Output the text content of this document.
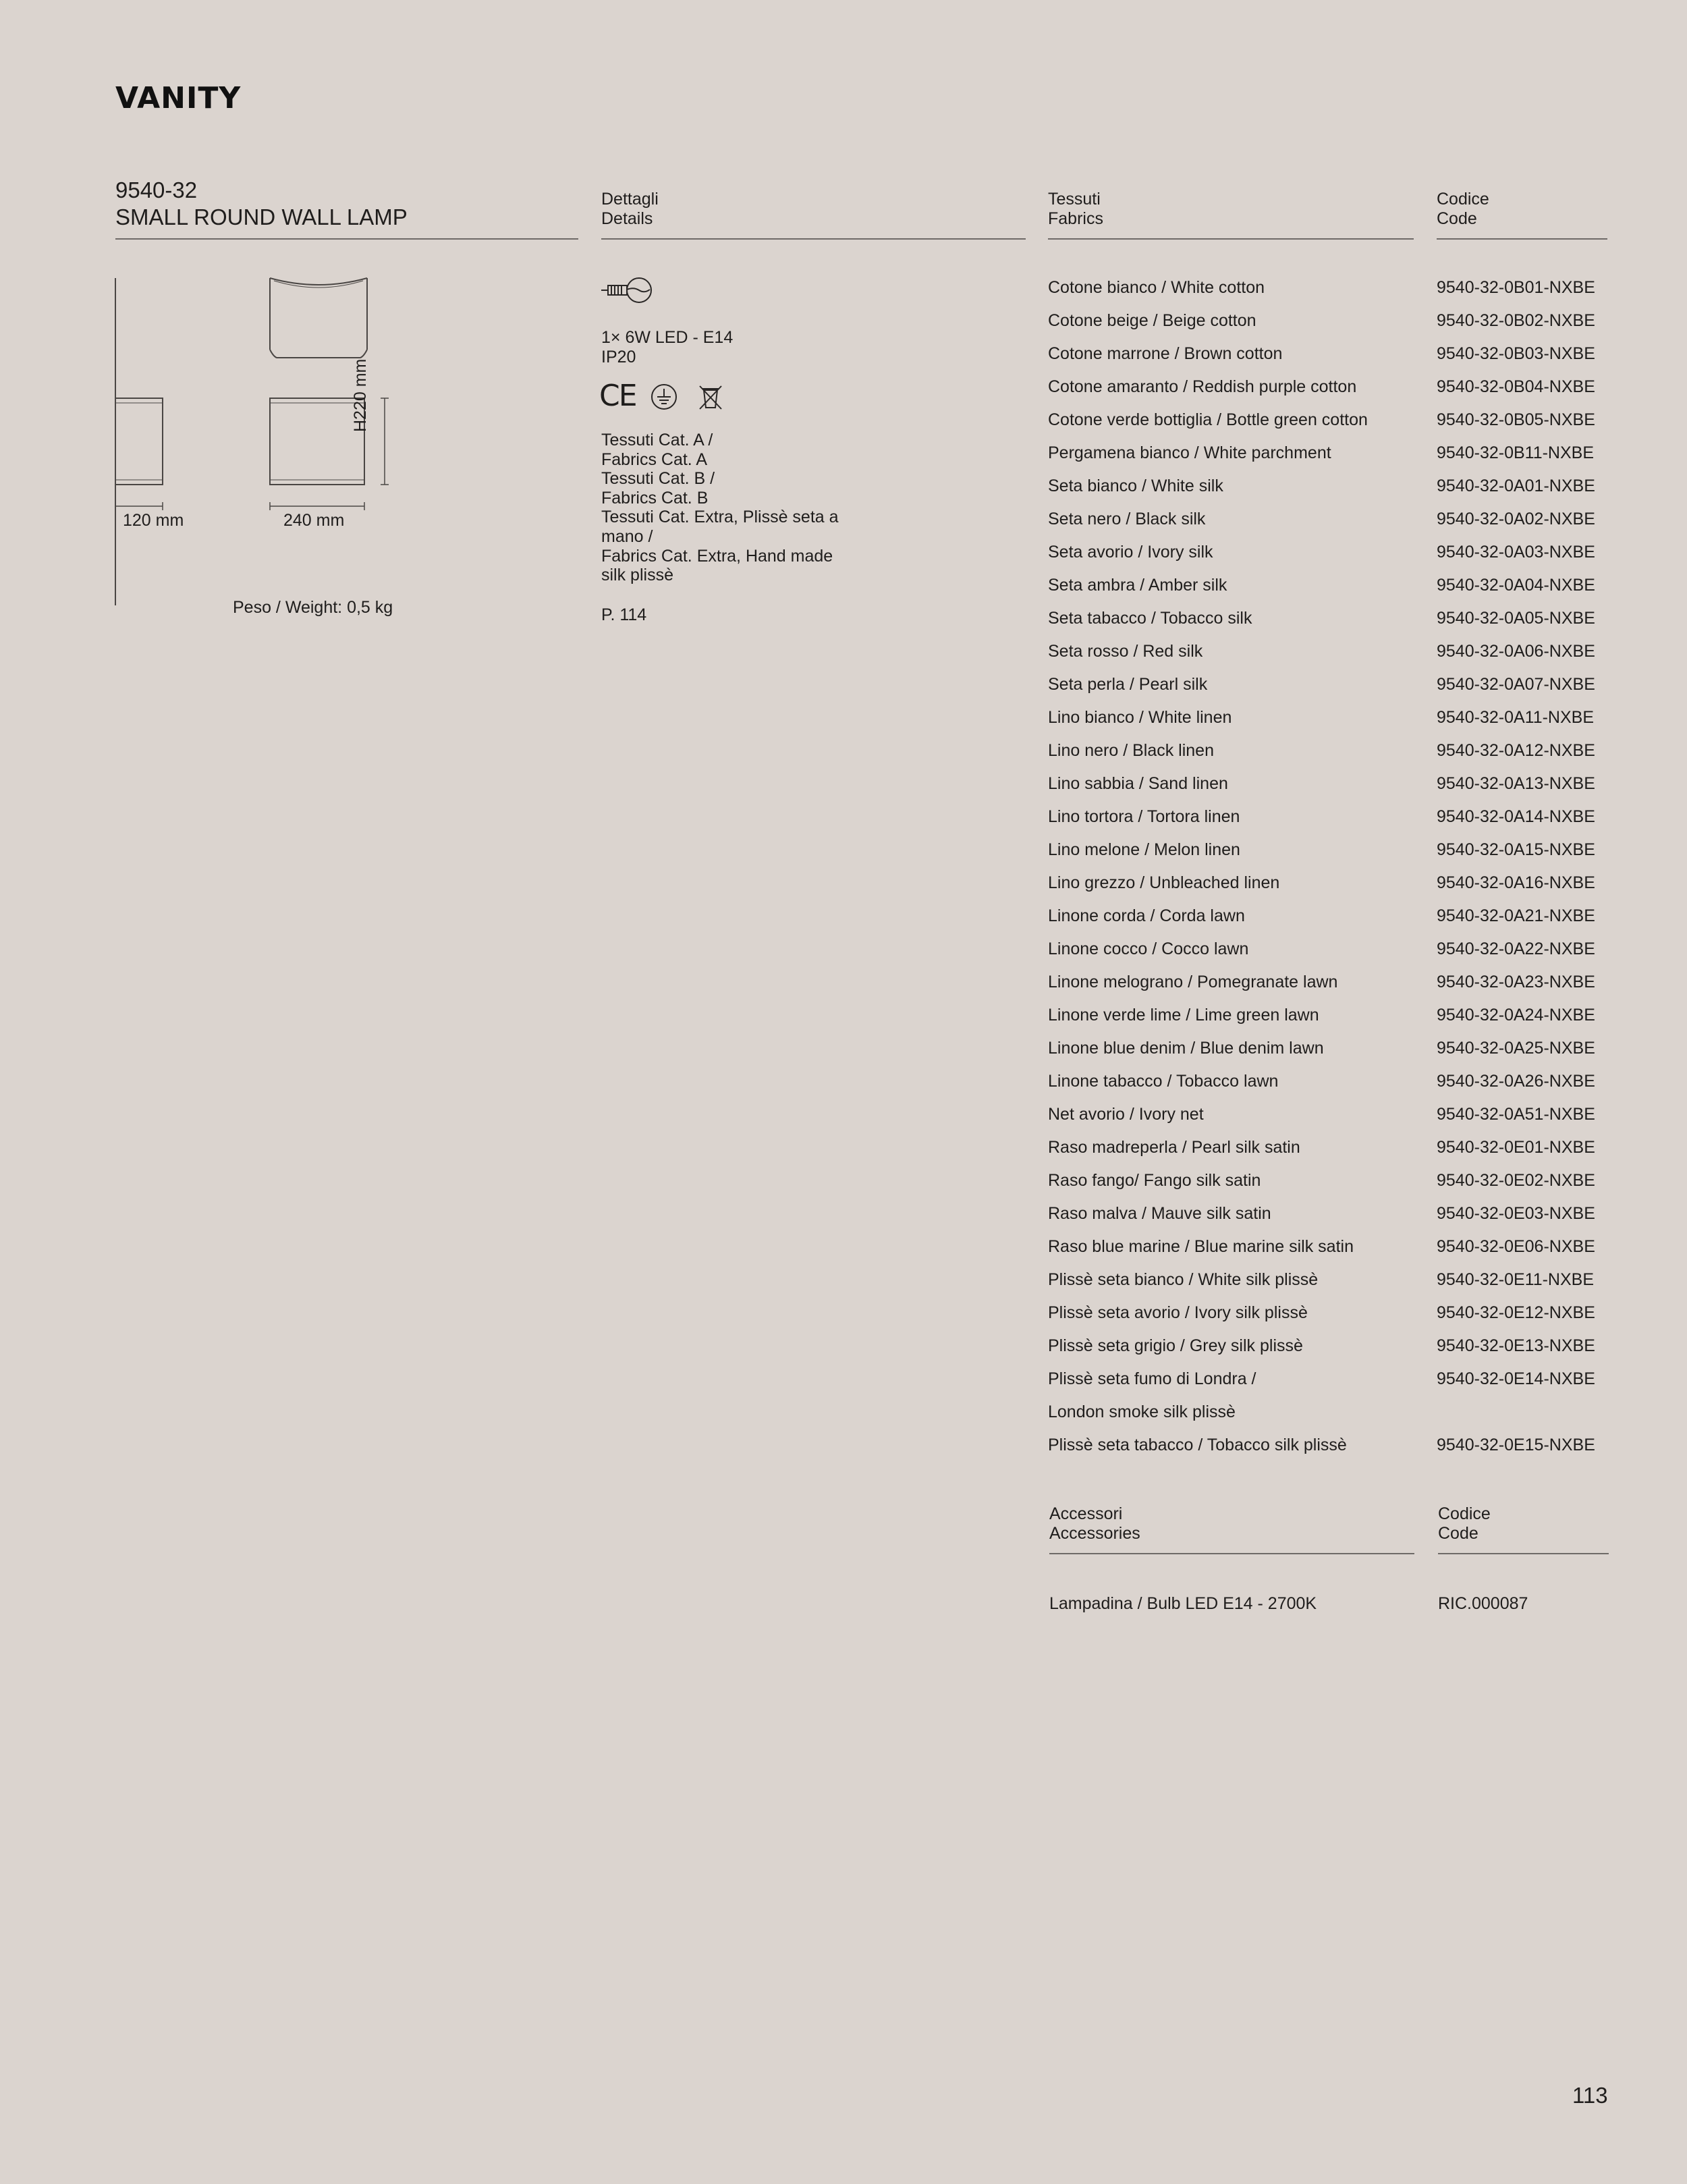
VANITY
9540-32
SMALL ROUND WALL LAMP
Dettagli
Details
Tessuti
Fabrics
Codice
Code
120 mm	240 mm
H220 mm
Peso / Weight: 0,5 kg
1× 6W LED - E14
IP20
CE
Tessuti Cat. A /
Fabrics Cat. A
Tessuti Cat. B /
Fabrics Cat. B
Tessuti Cat. Extra, Plissè seta a
mano /
Fabrics Cat. Extra, Hand made
silk plissè
P. 114
Cotone bianco / White cotton	9540-32-0B01-NXBE
Cotone beige / Beige cotton	9540-32-0B02-NXBE
Cotone marrone / Brown cotton	9540-32-0B03-NXBE
Cotone amaranto / Reddish purple cotton	9540-32-0B04-NXBE
Cotone verde bottiglia / Bottle green cotton	9540-32-0B05-NXBE
Pergamena bianco / White parchment	9540-32-0B11-NXBE
Seta bianco / White silk	9540-32-0A01-NXBE
Seta nero / Black silk	9540-32-0A02-NXBE
Seta avorio / Ivory silk	9540-32-0A03-NXBE
Seta ambra / Amber silk	9540-32-0A04-NXBE
Seta tabacco / Tobacco silk	9540-32-0A05-NXBE
Seta rosso / Red silk	9540-32-0A06-NXBE
Seta perla / Pearl silk	9540-32-0A07-NXBE
Lino bianco / White linen	9540-32-0A11-NXBE
Lino nero / Black linen	9540-32-0A12-NXBE
Lino sabbia / Sand linen	9540-32-0A13-NXBE
Lino tortora / Tortora linen	9540-32-0A14-NXBE
Lino melone / Melon linen	9540-32-0A15-NXBE
Lino grezzo / Unbleached linen	9540-32-0A16-NXBE
Linone corda / Corda lawn	9540-32-0A21-NXBE
Linone cocco / Cocco lawn	9540-32-0A22-NXBE
Linone melograno / Pomegranate lawn	9540-32-0A23-NXBE
Linone verde lime / Lime green lawn	9540-32-0A24-NXBE
Linone blue denim / Blue denim lawn	9540-32-0A25-NXBE
Linone tabacco / Tobacco lawn	9540-32-0A26-NXBE
Net avorio / Ivory net	9540-32-0A51-NXBE
Raso madreperla / Pearl silk satin	9540-32-0E01-NXBE
Raso fango/ Fango silk satin	9540-32-0E02-NXBE
Raso malva / Mauve silk satin	9540-32-0E03-NXBE
Raso blue marine / Blue marine silk satin	9540-32-0E06-NXBE
Plissè seta bianco / White silk plissè	9540-32-0E11-NXBE
Plissè seta avorio / Ivory silk plissè	9540-32-0E12-NXBE
Plissè seta grigio / Grey silk plissè	9540-32-0E13-NXBE
Plissè seta fumo di Londra /	9540-32-0E14-NXBE
London smoke silk plissè
Plissè seta tabacco / Tobacco silk plissè	9540-32-0E15-NXBE
Accessori
Accessories
Codice
Code
Lampadina / Bulb LED E14 - 2700K	RIC.000087
113
